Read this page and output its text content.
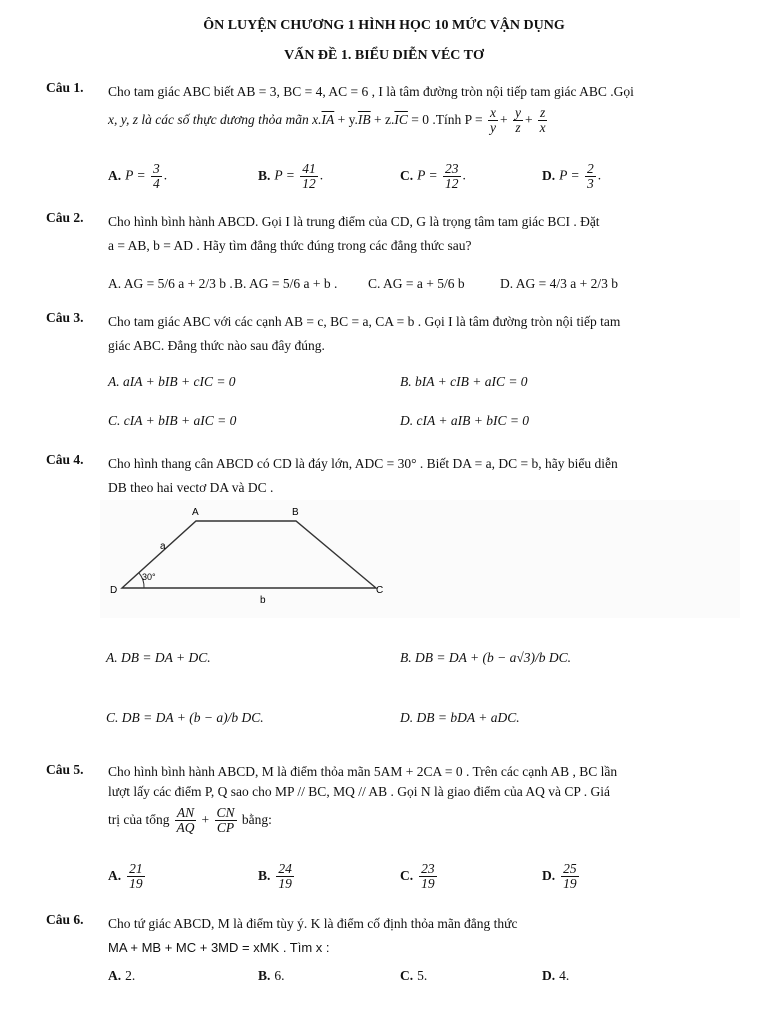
ÔN LUYỆN CHƯƠNG 1 HÌNH HỌC 10 MỨC VẬN DỤNG
VẤN ĐỀ 1. BIỂU DIỄN VÉC TƠ
Câu 1. Cho tam giác ABC biết AB = 3, BC = 4, AC = 6 , I là tâm đường tròn nội tiếp tam giác ABC .Gọi
x, y, z là các số thực dương thỏa mãn $x.\overline{IA} + y.\overline{IB} + z.\overline{IC} = 0$ .Tính $P = \frac{x}{y} + \frac{y}{z} + \frac{z}{x}$
A. $P = \frac{3}{4}$ .	B. $P = \frac{41}{12}$ .	C. $P = \frac{23}{12}$ .	D. $P = \frac{2}{3}$ .
Câu 2. Cho hình bình hành ABCD. Gọi I là trung điểm của CD, G là trọng tâm tam giác BCI . Đặt
a = AB, b = AD . Hãy tìm đẳng thức đúng trong các đẳng thức sau?
A. AG = 5/6 a + 2/3 b . B. AG = 5/6 a + b . C. AG = a + 5/6 b	D. AG = 4/3 a + 2/3 b
Câu 3. Cho tam giác ABC với các cạnh AB = c, BC = a, CA = b . Gọi I là tâm đường tròn nội tiếp tam
giác ABC. Đẳng thức nào sau đây đúng.
A. aIA + bIB + cIC = 0	B. bIA + cIB + aIC = 0
C. cIA + bIB + aIC = 0	D. cIA + aIB + bIC = 0
Câu 4. Cho hình thang cân ABCD có CD là đáy lớn, ADC = 30° . Biết DA = a, DC = b, hãy biểu diễn
DB theo hai vectơ DA và DC .
A	B
C
D
a
b
30°
A. DB = DA + DC.	B. DB = DA + (b − a√3)/b DC.
C. DB = DA + (b − a)/b DC.	D. DB = bDA + aDC.
Câu 5. Cho hình bình hành ABCD, M là điểm thỏa mãn 5AM + 2CA = 0 . Trên các cạnh AB , BC lần
lượt lấy các điểm P, Q sao cho MP // BC, MQ // AB . Gọi N là giao điểm của AQ và CP . Giá
trị của tổng $\frac{AN}{AQ} + \frac{CN}{CP}$ bằng:
A. $\frac{21}{19}$	B. $\frac{24}{19}$	C. $\frac{23}{19}$	D. $\frac{25}{19}$
Câu 6. Cho tứ giác ABCD, M là điểm tùy ý. K là điểm cố định thỏa mãn đẳng thức
MA + MB + MC + 3MD = xMK . Tìm x :
A. 2.	B. 6.	C. 5.	D. 4.
